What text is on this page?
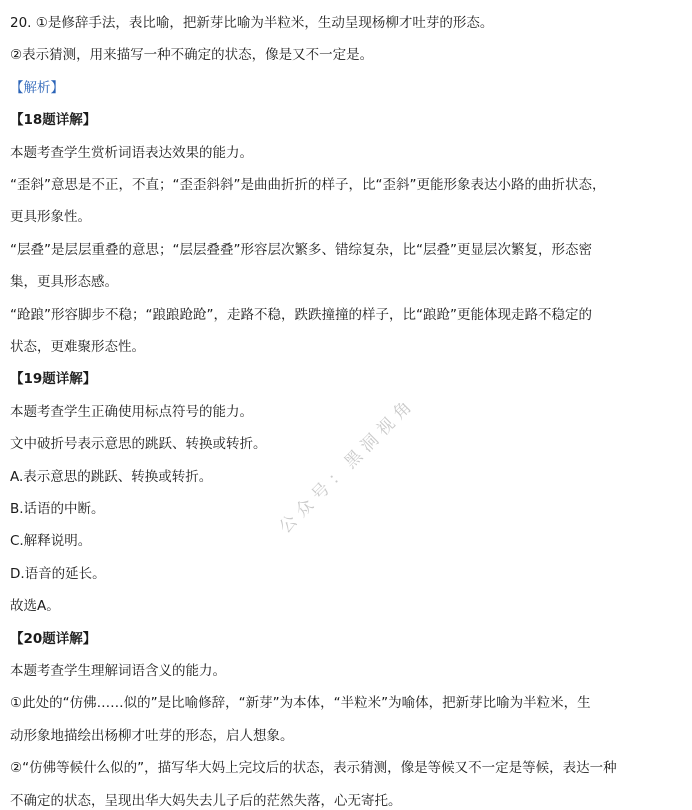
20. ①是修辞手法，表比喻，把新芽比喻为半粒米，生动呈现杨柳才吐芽的形态。
②表示猜测，用来描写一种不确定的状态，像是又不一定是。
【解析】
【18题详解】
本题考查学生赏析词语表达效果的能力。
“歪斜”意思是不正，不直；“歪歪斜斜”是曲曲折折的样子，比“歪斜”更能形象表达小路的曲折状态，
更具形象性。
“层叠”是层层重叠的意思；“层层叠叠”形容层次繁多、错综复杂，比“层叠”更显层次繁复，形态密
集，更具形态感。
“跄踉”形容脚步不稳；“踉踉跄跄”，走路不稳，跌跌撞撞的样子，比“踉跄”更能体现走路不稳定的
状态，更难聚形态性。
【19题详解】
本题考查学生正确使用标点符号的能力。
文中破折号表示意思的跳跃、转换或转折。
A.表示意思的跳跃、转换或转折。
B.话语的中断。
C.解释说明。
D.语音的延长。
故选A。
【20题详解】
本题考查学生理解词语含义的能力。
①此处的“仿佛……似的”是比喻修辞，“新芽”为本体，“半粒米”为喻体，把新芽比喻为半粒米，生
动形象地描绘出杨柳才吐芽的形态，启人想象。
②“仿佛等候什么似的”，描写华大妈上完坟后的状态，表示猜测，像是等候又不一定是等候，表达一种
不确定的状态，呈现出华大妈失去儿子后的茫然失落，心无寄托。
公众号：黑洞视角
